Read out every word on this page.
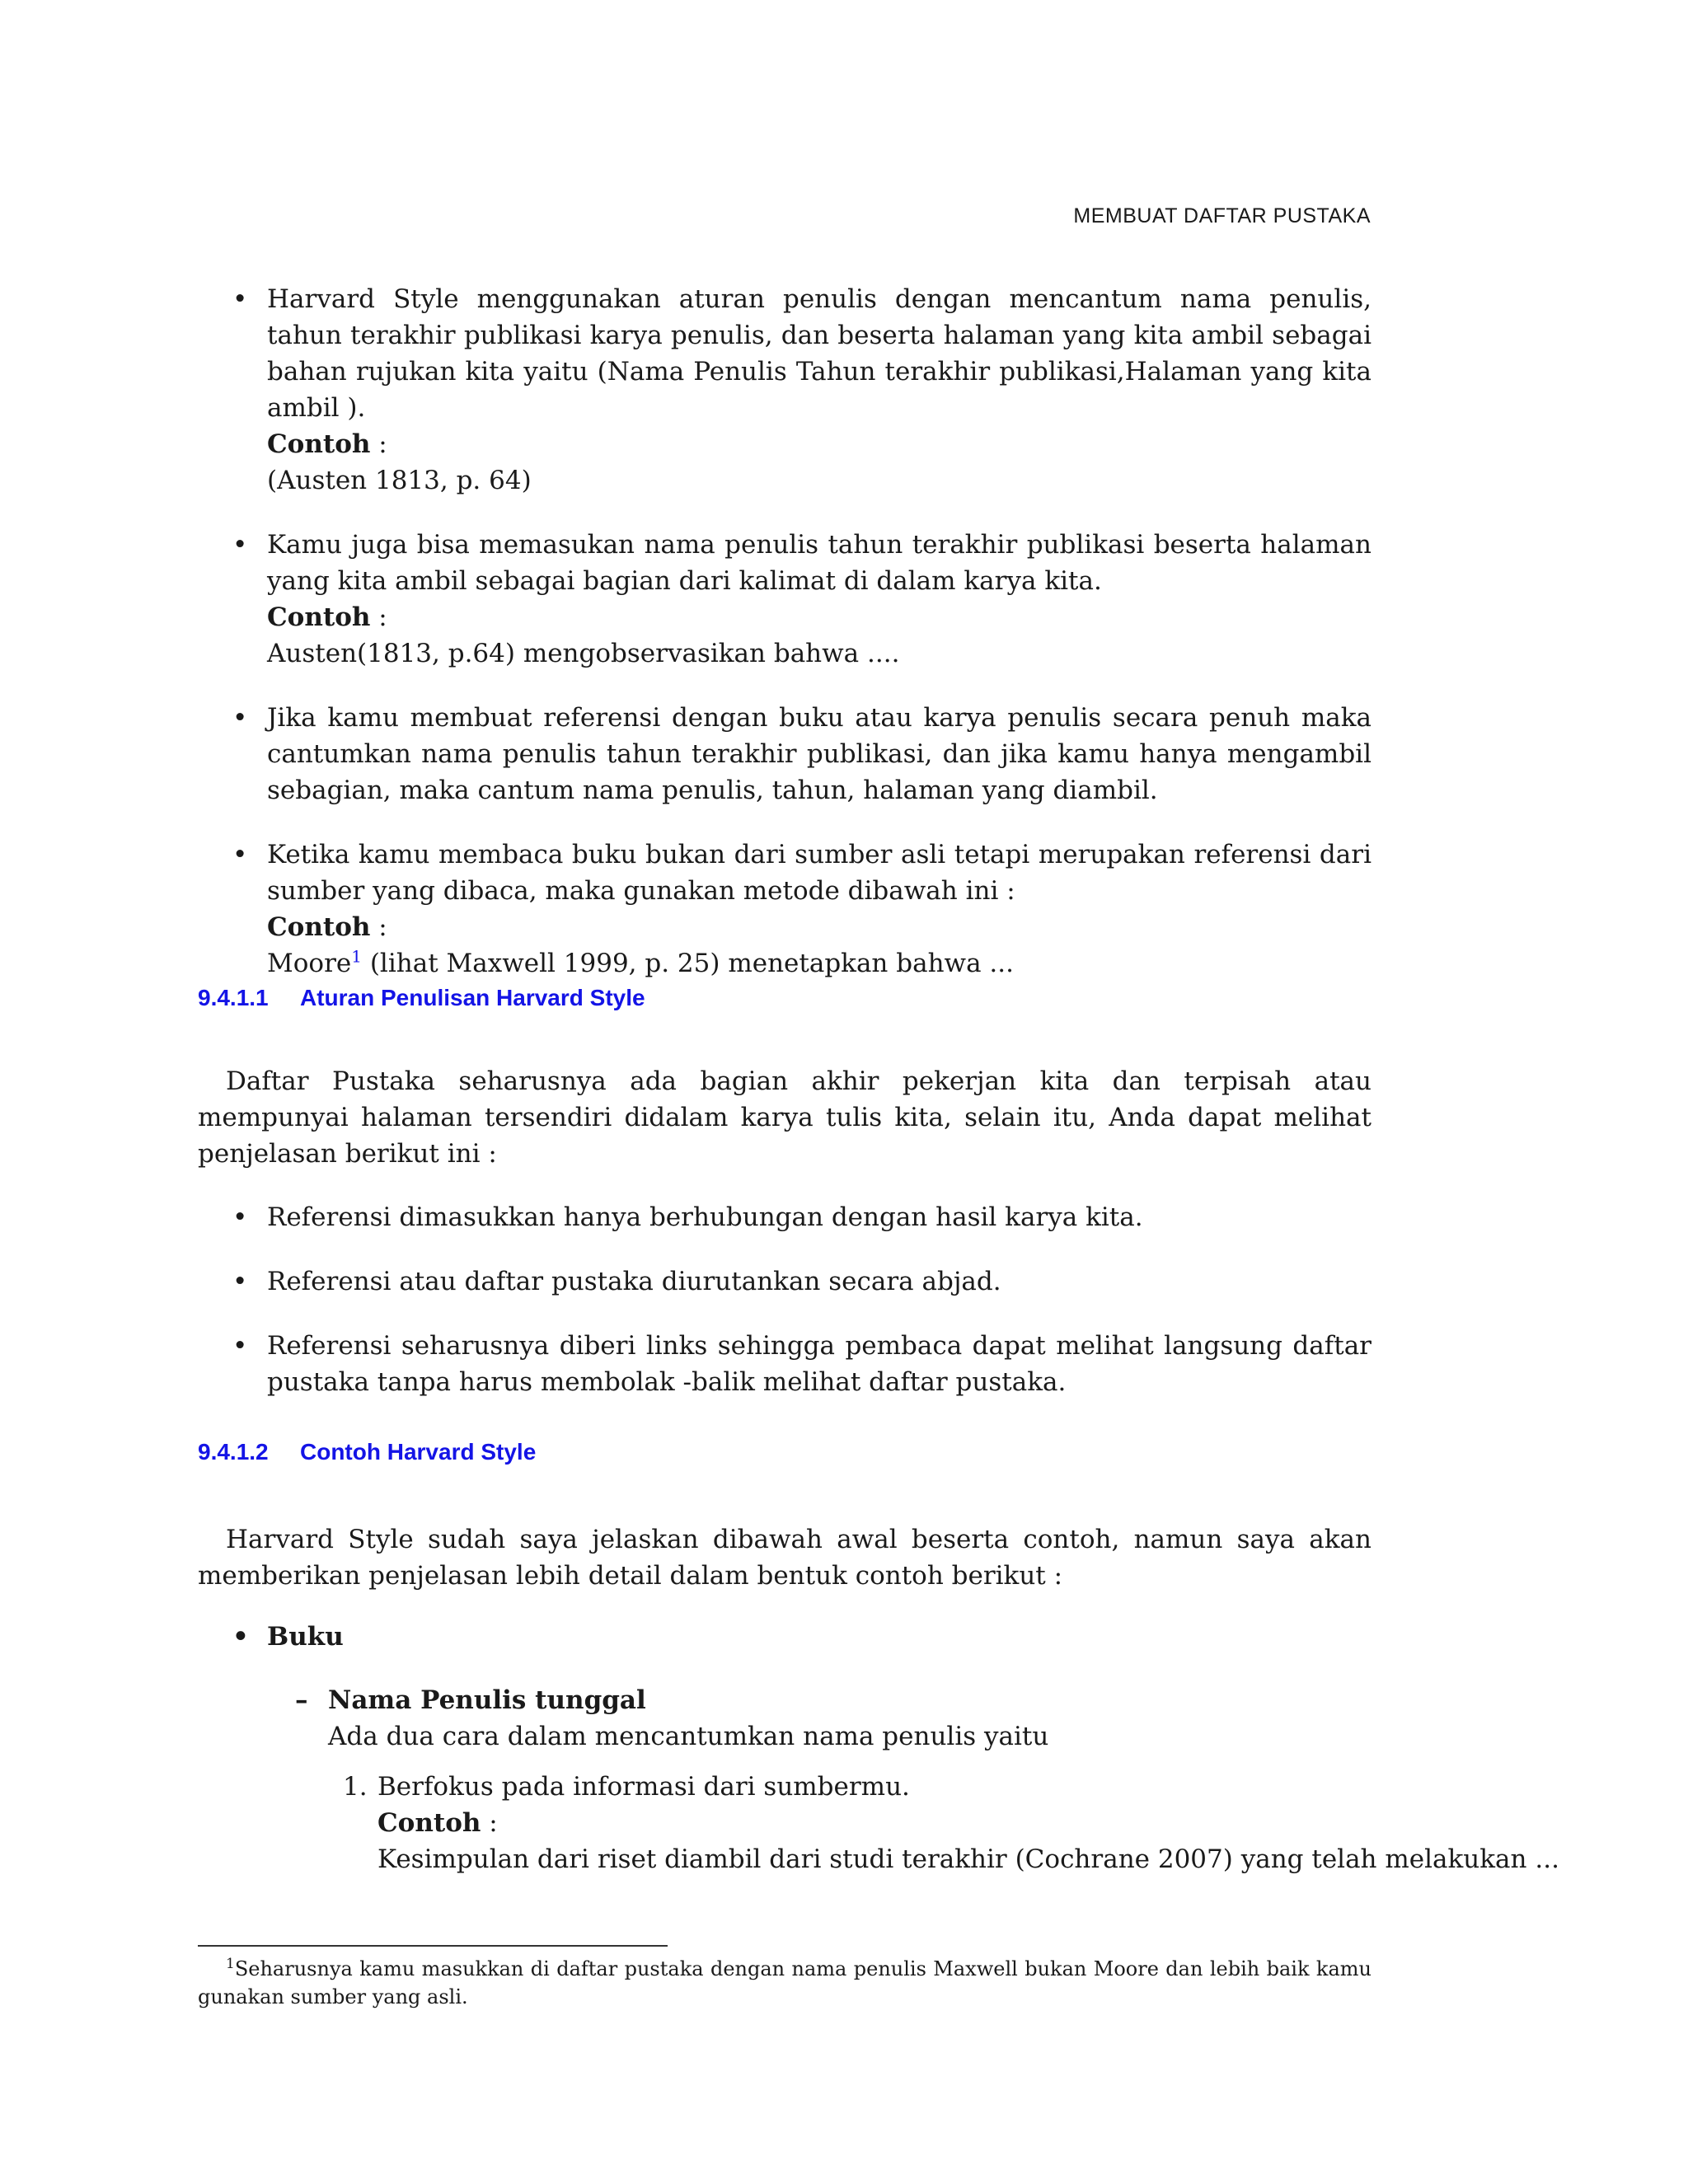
MEMBUAT DAFTAR PUSTAKA
• Harvard Style menggunakan aturan penulis dengan mencantum nama penulis, tahun terakhir publikasi karya penulis, dan beserta halaman yang kita ambil sebagai bahan rujukan kita yaitu (Nama Penulis Tahun terakhir publikasi,Halaman yang kita ambil ).
Contoh :
(Austen 1813, p. 64)
• Kamu juga bisa memasukan nama penulis tahun terakhir publikasi beserta halaman yang kita ambil sebagai bagian dari kalimat di dalam karya kita.
Contoh :
Austen(1813, p.64) mengobservasikan bahwa ....
• Jika kamu membuat referensi dengan buku atau karya penulis secara penuh maka cantumkan nama penulis tahun terakhir publikasi, dan jika kamu hanya mengambil sebagian, maka cantum nama penulis, tahun, halaman yang diambil.
• Ketika kamu membaca buku bukan dari sumber asli tetapi merupakan referensi dari sumber yang dibaca, maka gunakan metode dibawah ini :
Contoh :
Moore$^1$ (lihat Maxwell 1999, p. 25) menetapkan bahwa ...
9.4.1.1 Aturan Penulisan Harvard Style
Daftar Pustaka seharusnya ada bagian akhir pekerjan kita dan terpisah atau mempunyai halaman tersendiri didalam karya tulis kita, selain itu, Anda dapat melihat penjelasan berikut ini :
• Referensi dimasukkan hanya berhubungan dengan hasil karya kita.
• Referensi atau daftar pustaka diurutankan secara abjad.
• Referensi seharusnya diberi links sehingga pembaca dapat melihat langsung daftar pustaka tanpa harus membolak -balik melihat daftar pustaka.
9.4.1.2 Contoh Harvard Style
Harvard Style sudah saya jelaskan dibawah awal beserta contoh, namun saya akan memberikan penjelasan lebih detail dalam bentuk contoh berikut :
• Buku
– Nama Penulis tunggal
Ada dua cara dalam mencantumkan nama penulis yaitu
1. Berfokus pada informasi dari sumbermu.
Contoh :
Kesimpulan dari riset diambil dari studi terakhir (Cochrane 2007) yang telah melakukan ...
$^1$Seharusnya kamu masukkan di daftar pustaka dengan nama penulis Maxwell bukan Moore dan lebih baik kamu gunakan sumber yang asli.
